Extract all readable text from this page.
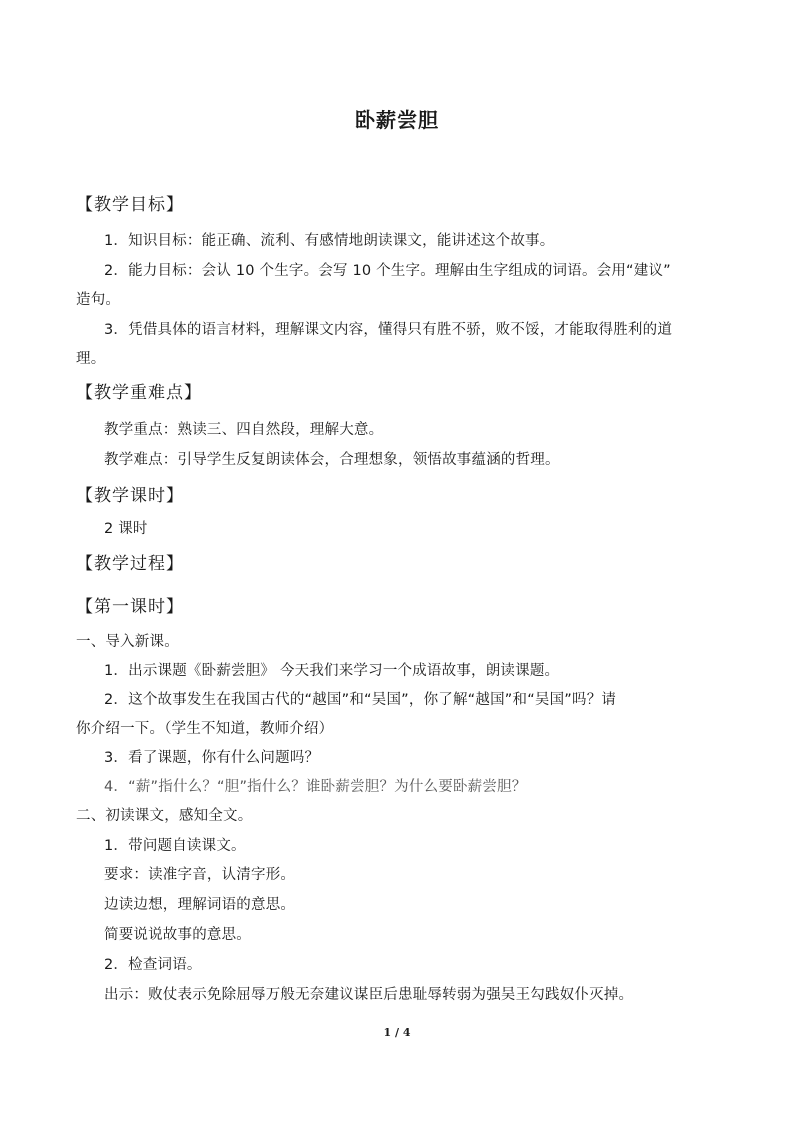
卧薪尝胆
【教学目标】
1．知识目标：能正确、流利、有感情地朗读课文，能讲述这个故事。
2．能力目标：会认 10 个生字。会写 10 个生字。理解由生字组成的词语。会用“建议”
造句。
3．凭借具体的语言材料，理解课文内容，懂得只有胜不骄，败不馁，才能取得胜利的道
理。
【教学重难点】
教学重点：熟读三、四自然段，理解大意。
教学难点：引导学生反复朗读体会，合理想象，领悟故事蕴涵的哲理。
【教学课时】
2 课时
【教学过程】
【第一课时】
一、导入新课。
1．出示课题《卧薪尝胆》 今天我们来学习一个成语故事，朗读课题。
2．这个故事发生在我国古代的“越国”和“吴国”，你了解“越国”和“吴国”吗？请
你介绍一下。（学生不知道，教师介绍）
3．看了课题，你有什么问题吗？
4．“薪”指什么？“胆”指什么？谁卧薪尝胆？为什么要卧薪尝胆？
二、初读课文，感知全文。
1．带问题自读课文。
要求：读准字音，认清字形。
边读边想，理解词语的意思。
简要说说故事的意思。
2．检查词语。
出示：败仗表示免除屈辱万般无奈建议谋臣后患耻辱转弱为强吴王勾践奴仆灭掉。
1 / 4
